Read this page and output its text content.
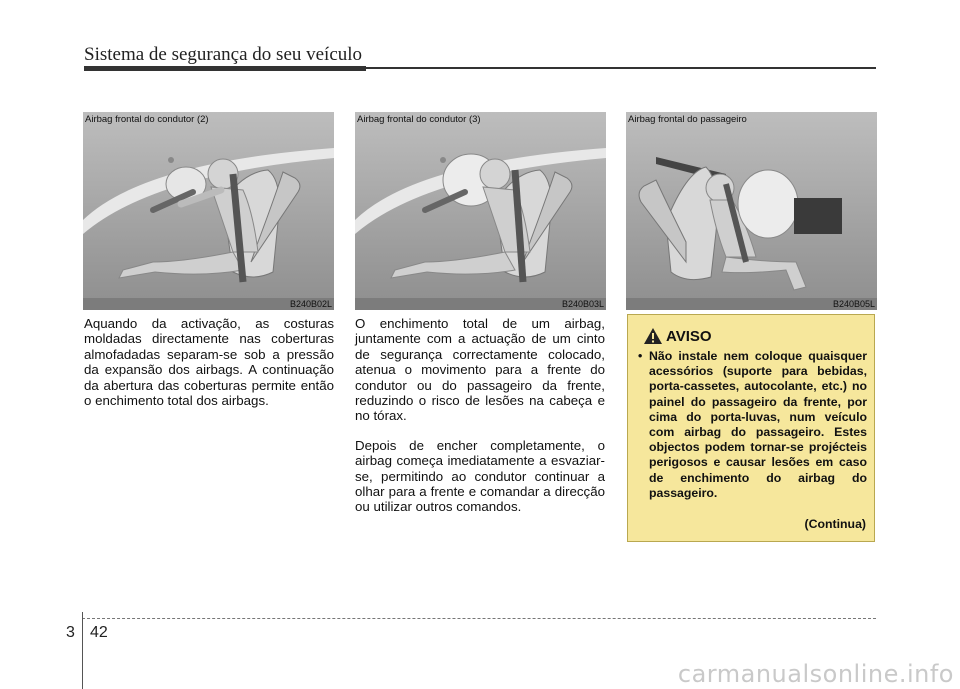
Sistema de segurança do seu veículo
Airbag frontal do condutor (2)
B240B02L
Airbag frontal do condutor (3)
B240B03L
Airbag frontal do passageiro
B240B05L

Aquando da activação, as costuras moldadas directamente nas coberturas almofadadas separam-se sob a pressão da expansão dos airbags. A continuação da abertura das coberturas permite então o enchimento total dos airbags.

O enchimento total de um airbag, juntamente com a actuação de um cinto de segurança correctamente colocado, atenua o movimento para a frente do condutor ou do passageiro da frente, reduzindo o risco de lesões na cabeça e no tórax.

Depois de encher completamente, o airbag começa imediatamente a esvaziar-se, permitindo ao condutor continuar a olhar para a frente e comandar a direcção ou utilizar outros comandos.

AVISO
• Não instale nem coloque quaisquer acessórios (suporte para bebidas, porta-cassetes, autocolante, etc.) no painel do passageiro da frente, por cima do porta-luvas, num veículo com airbag do passageiro. Estes objectos podem tornar-se projécteis perigosos e causar lesões em caso de enchimento do airbag do passageiro.
(Continua)
3 42
carmanualsonline.info
